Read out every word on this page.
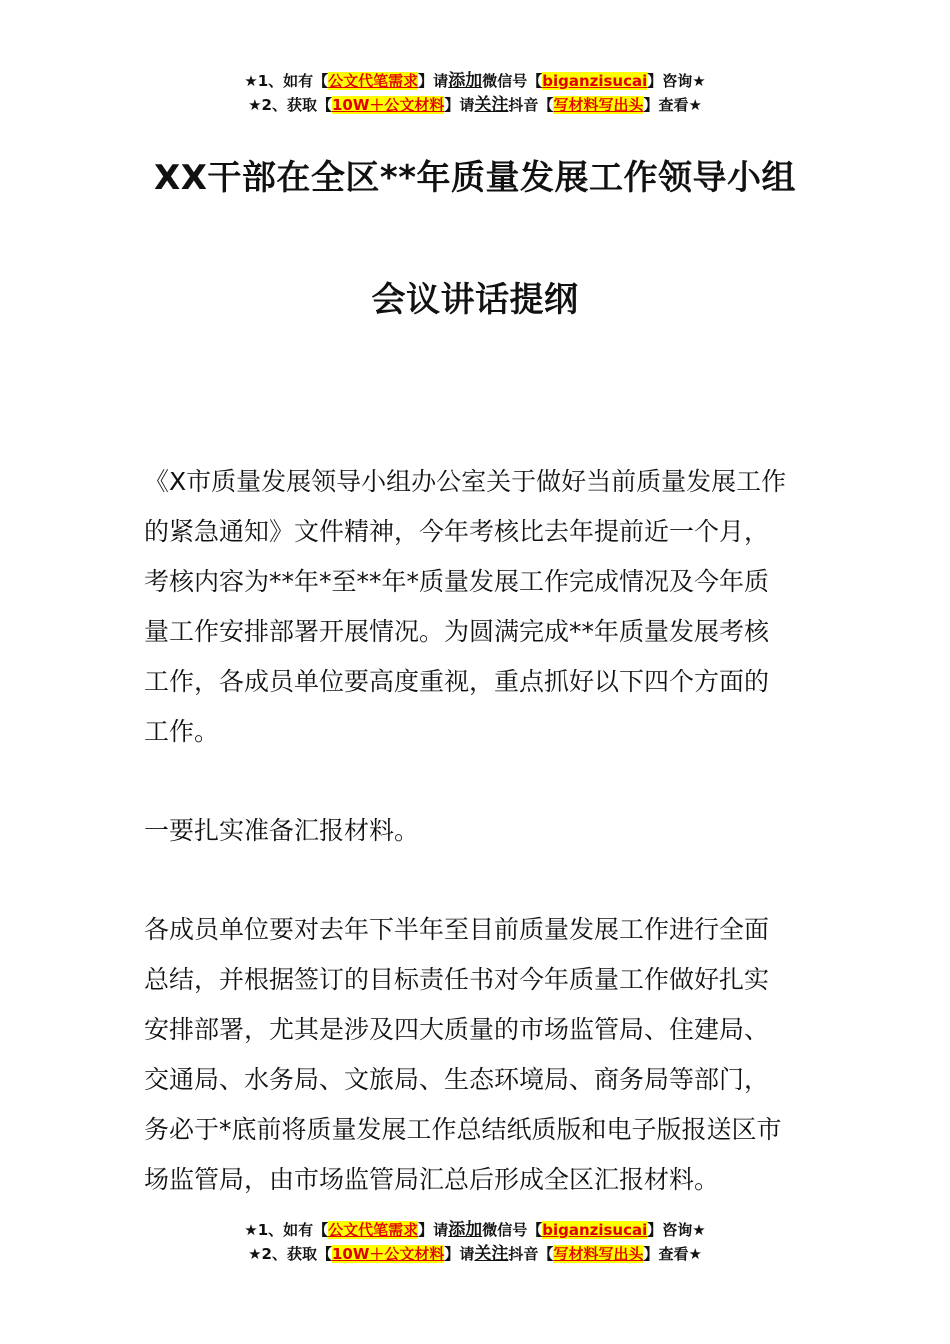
★1、如有【公文代笔需求】请添加微信号【biganzisucai】咨询★
★2、获取【10W＋公文材料】请关注抖音【写材料写出头】查看★
XX干部在全区**年质量发展工作领导小组
会议讲话提纲
《X市质量发展领导小组办公室关于做好当前质量发展工作
的紧急通知》文件精神，今年考核比去年提前近一个月，
考核内容为**年*至**年*质量发展工作完成情况及今年质
量工作安排部署开展情况。为圆满完成**年质量发展考核
工作，各成员单位要高度重视，重点抓好以下四个方面的
工作。
一要扎实准备汇报材料。
各成员单位要对去年下半年至目前质量发展工作进行全面
总结，并根据签订的目标责任书对今年质量工作做好扎实
安排部署，尤其是涉及四大质量的市场监管局、住建局、
交通局、水务局、文旅局、生态环境局、商务局等部门，
务必于*底前将质量发展工作总结纸质版和电子版报送区市
场监管局，由市场监管局汇总后形成全区汇报材料。
★1、如有【公文代笔需求】请添加微信号【biganzisucai】咨询★
★2、获取【10W＋公文材料】请关注抖音【写材料写出头】查看★
